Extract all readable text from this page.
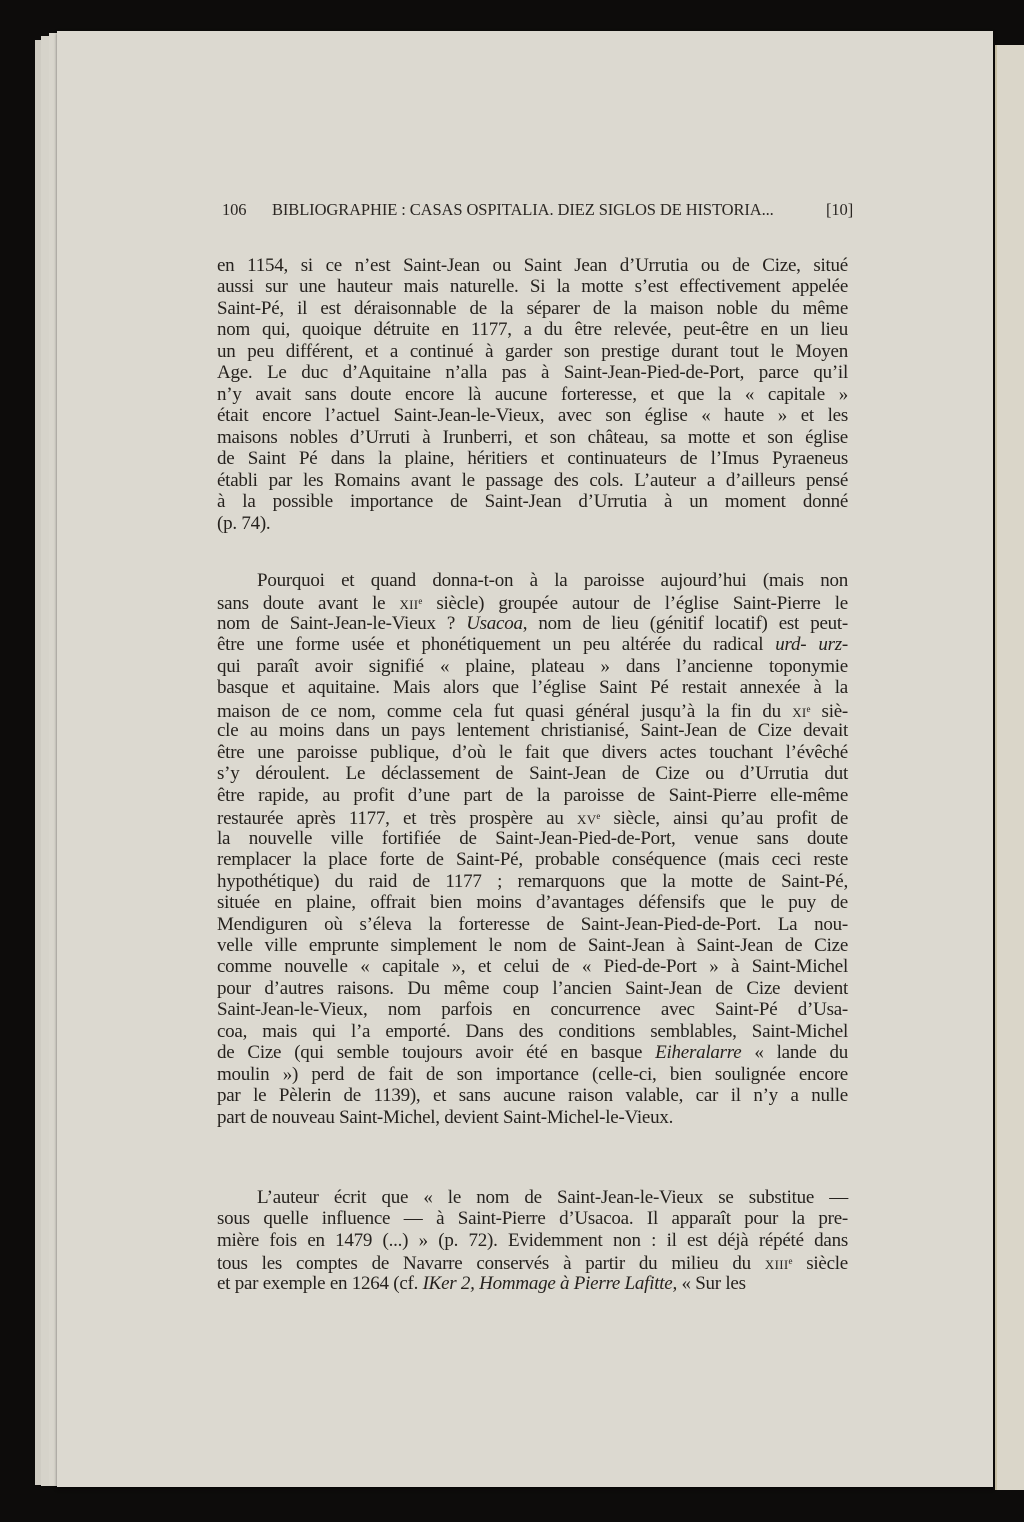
106 BIBLIOGRAPHIE : CASAS OSPITALIA. DIEZ SIGLOS DE HISTORIA...	[10]
en 1154, si ce n’est Saint-Jean ou Saint Jean d’Urrutia ou de Cize, situé
aussi sur une hauteur mais naturelle. Si la motte s’est effectivement appelée
Saint-Pé, il est déraisonnable de la séparer de la maison noble du même
nom qui, quoique détruite en 1177, a du être relevée, peut-être en un lieu
un peu différent, et a continué à garder son prestige durant tout le Moyen
Age. Le duc d’Aquitaine n’alla pas à Saint-Jean-Pied-de-Port, parce qu’il
n’y avait sans doute encore là aucune forteresse, et que la « capitale »
était encore l’actuel Saint-Jean-le-Vieux, avec son église « haute » et les
maisons nobles d’Urruti à Irunberri, et son château, sa motte et son église
de Saint Pé dans la plaine, héritiers et continuateurs de l’Imus Pyraeneus
établi par les Romains avant le passage des cols. L’auteur a d’ailleurs pensé
à la possible importance de Saint-Jean d’Urrutia à un moment donné
(p. 74).
Pourquoi et quand donna-t-on à la paroisse aujourd’hui (mais non
sans doute avant le XIIe siècle) groupée autour de l’église Saint-Pierre le
nom de Saint-Jean-le-Vieux ? Usacoa, nom de lieu (génitif locatif) est peut-
être une forme usée et phonétiquement un peu altérée du radical urd- urz-
qui paraît avoir signifié « plaine, plateau » dans l’ancienne toponymie
basque et aquitaine. Mais alors que l’église Saint Pé restait annexée à la
maison de ce nom, comme cela fut quasi général jusqu’à la fin du XIe siè-
cle au moins dans un pays lentement christianisé, Saint-Jean de Cize devait
être une paroisse publique, d’où le fait que divers actes touchant l’évêché
s’y déroulent. Le déclassement de Saint-Jean de Cize ou d’Urrutia dut
être rapide, au profit d’une part de la paroisse de Saint-Pierre elle-même
restaurée après 1177, et très prospère au XVe siècle, ainsi qu’au profit de
la nouvelle ville fortifiée de Saint-Jean-Pied-de-Port, venue sans doute
remplacer la place forte de Saint-Pé, probable conséquence (mais ceci reste
hypothétique) du raid de 1177 ; remarquons que la motte de Saint-Pé,
située en plaine, offrait bien moins d’avantages défensifs que le puy de
Mendiguren où s’éleva la forteresse de Saint-Jean-Pied-de-Port. La nou-
velle ville emprunte simplement le nom de Saint-Jean à Saint-Jean de Cize
comme nouvelle « capitale », et celui de « Pied-de-Port » à Saint-Michel
pour d’autres raisons. Du même coup l’ancien Saint-Jean de Cize devient
Saint-Jean-le-Vieux, nom parfois en concurrence avec Saint-Pé d’Usa-
coa, mais qui l’a emporté. Dans des conditions semblables, Saint-Michel
de Cize (qui semble toujours avoir été en basque Eiheralarre « lande du
moulin ») perd de fait de son importance (celle-ci, bien soulignée encore
par le Pèlerin de 1139), et sans aucune raison valable, car il n’y a nulle
part de nouveau Saint-Michel, devient Saint-Michel-le-Vieux.
L’auteur écrit que « le nom de Saint-Jean-le-Vieux se substitue —
sous quelle influence — à Saint-Pierre d’Usacoa. Il apparaît pour la pre-
mière fois en 1479 (...) » (p. 72). Evidemment non : il est déjà répété dans
tous les comptes de Navarre conservés à partir du milieu du XIIIe siècle
et par exemple en 1264 (cf. IKer 2, Hommage à Pierre Lafitte, « Sur les
